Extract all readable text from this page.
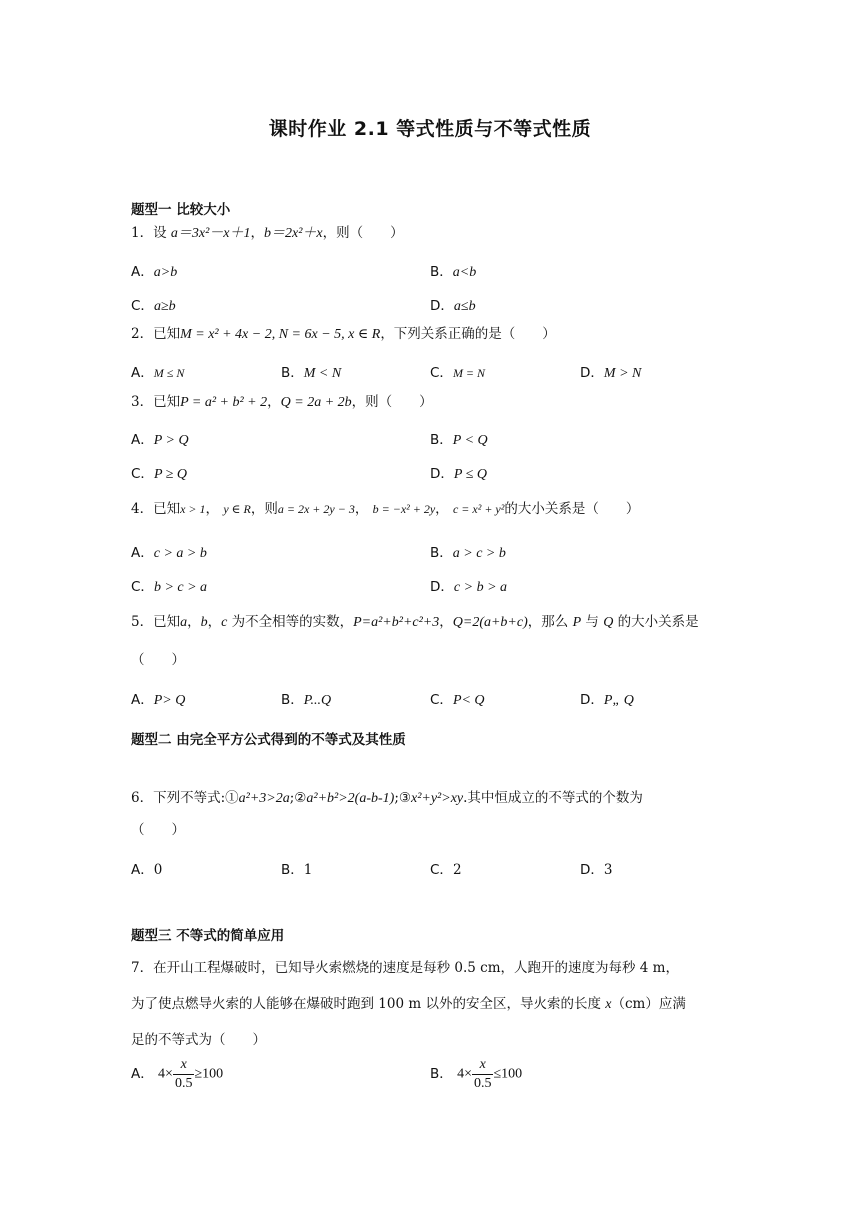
课时作业 2.1 等式性质与不等式性质
题型一 比较大小
1．设 a＝3x²－x＋1，b＝2x²＋x，则（　　）
A．a>b	B．a<b
C．a≥b	D．a≤b
2．已知M = x² + 4x − 2, N = 6x − 5, x ∈ R，下列关系正确的是（　　）
A．M ≤ N	B．M < N	C．M = N	D．M > N
3．已知P = a² + b² + 2，Q = 2a + 2b，则（　　）
A．P > Q	B．P < Q
C．P ≥ Q	D．P ≤ Q
4．已知x > 1， y ∈ R，则a = 2x + 2y − 3， b = −x² + 2y， c = x² + y²的大小关系是（　　）
A．c > a > b	B．a > c > b
C．b > c > a	D．c > b > a
5．已知a，b，c 为不全相等的实数，P=a²+b²+c²+3，Q=2(a+b+c)，那么 P 与 Q 的大小关系是
（　　）
A．P> Q	B．P...Q	C．P< Q	D．P„ Q
题型二 由完全平方公式得到的不等式及其性质
6．下列不等式:①a²+3>2a;②a²+b²>2(a-b-1);③x²+y²>xy.其中恒成立的不等式的个数为
（　　）
A．0	B．1	C．2	D．3
题型三 不等式的简单应用
7．在开山工程爆破时，已知导火索燃烧的速度是每秒 0.5 cm，人跑开的速度为每秒 4 m，
为了使点燃导火索的人能够在爆破时跑到 100 m 以外的安全区，导火索的长度 x（cm）应满
足的不等式为（　　）
A． $4\times \frac{x}{0.5} \ge 100$	B． $4\times \frac{x}{0.5} \le 100$
